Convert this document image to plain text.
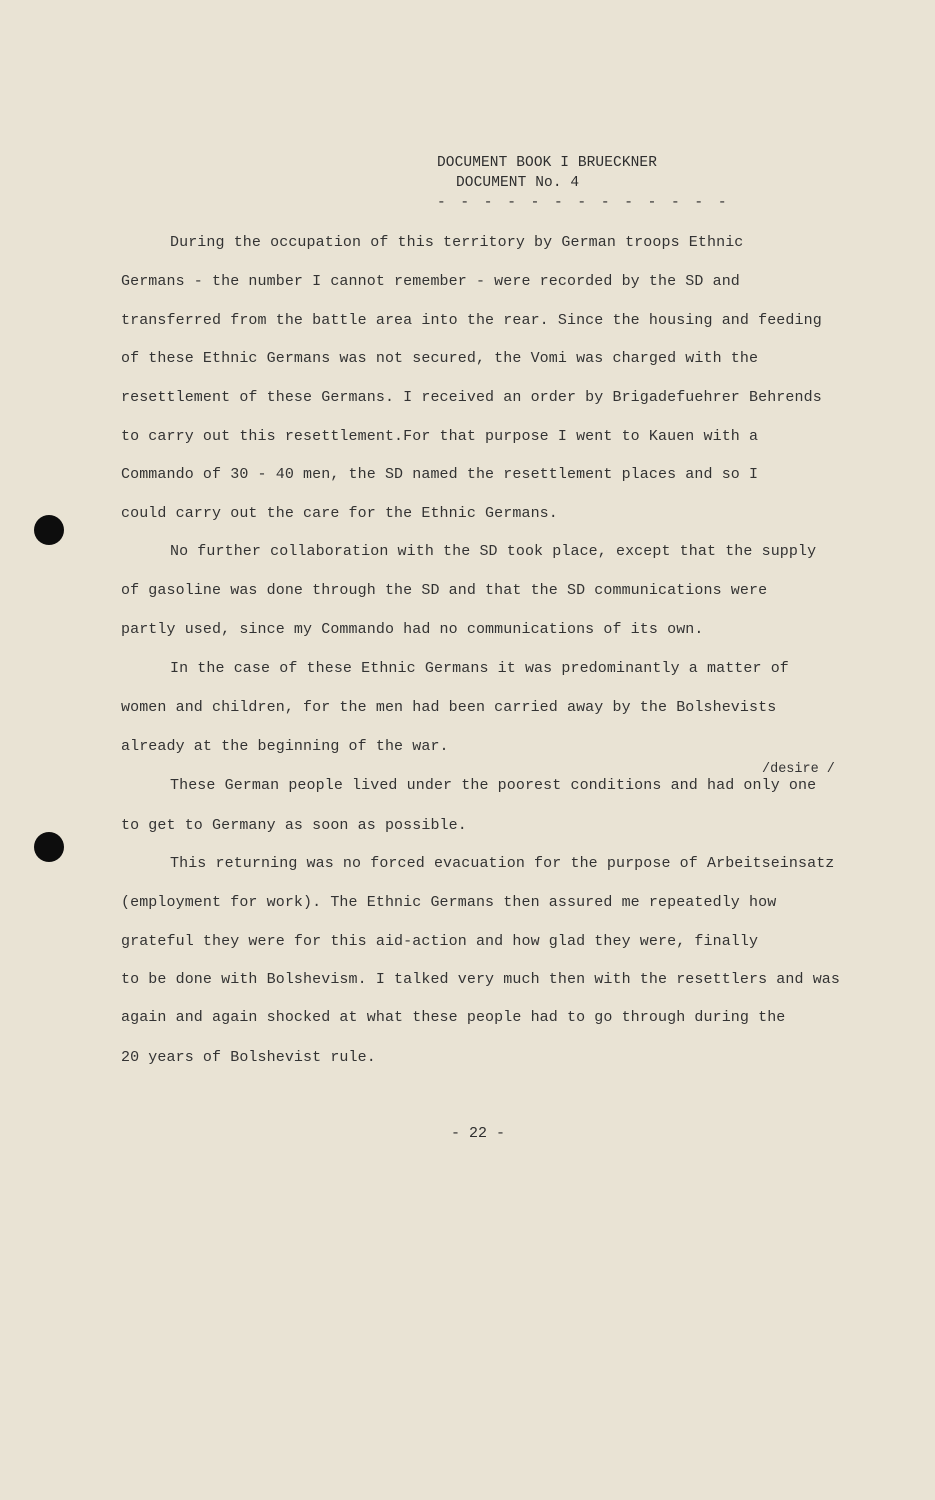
DOCUMENT BOOK I BRUECKNER
DOCUMENT No. 4
- - - - - - - - - - - - -
During the occupation of this territory by German troops Ethnic
Germans - the number I cannot remember - were recorded by the SD and
transferred from the battle area into the rear. Since the housing and feeding
of these Ethnic Germans was not secured, the Vomi was charged with the
resettlement of these Germans. I received an order by Brigadefuehrer Behrends
to carry out this resettlement.For that purpose I went to Kauen with a
Commando of 30 - 40 men, the SD named the resettlement places and so I
could carry out the care for the Ethnic Germans.
No further collaboration with the SD took place, except that the supply
of gasoline was done through the SD and that the SD communications were
partly used, since my Commando had no communications of its own.
In the case of these Ethnic Germans it was predominantly a matter of
women and children, for the men had been carried away by the Bolshevists
already at the beginning of the war.
/desire /
These German people lived under the poorest conditions and had only one
to get to Germany as soon as possible.
This returning was no forced evacuation for the purpose of Arbeitseinsatz
(employment for work). The Ethnic Germans then assured me repeatedly how
grateful they were for this aid-action and how glad they were, finally
to be done with Bolshevism. I talked very much then with the resettlers and was
again and again shocked at what these people had to go through during the
20 years of Bolshevist rule.
- 22 -
